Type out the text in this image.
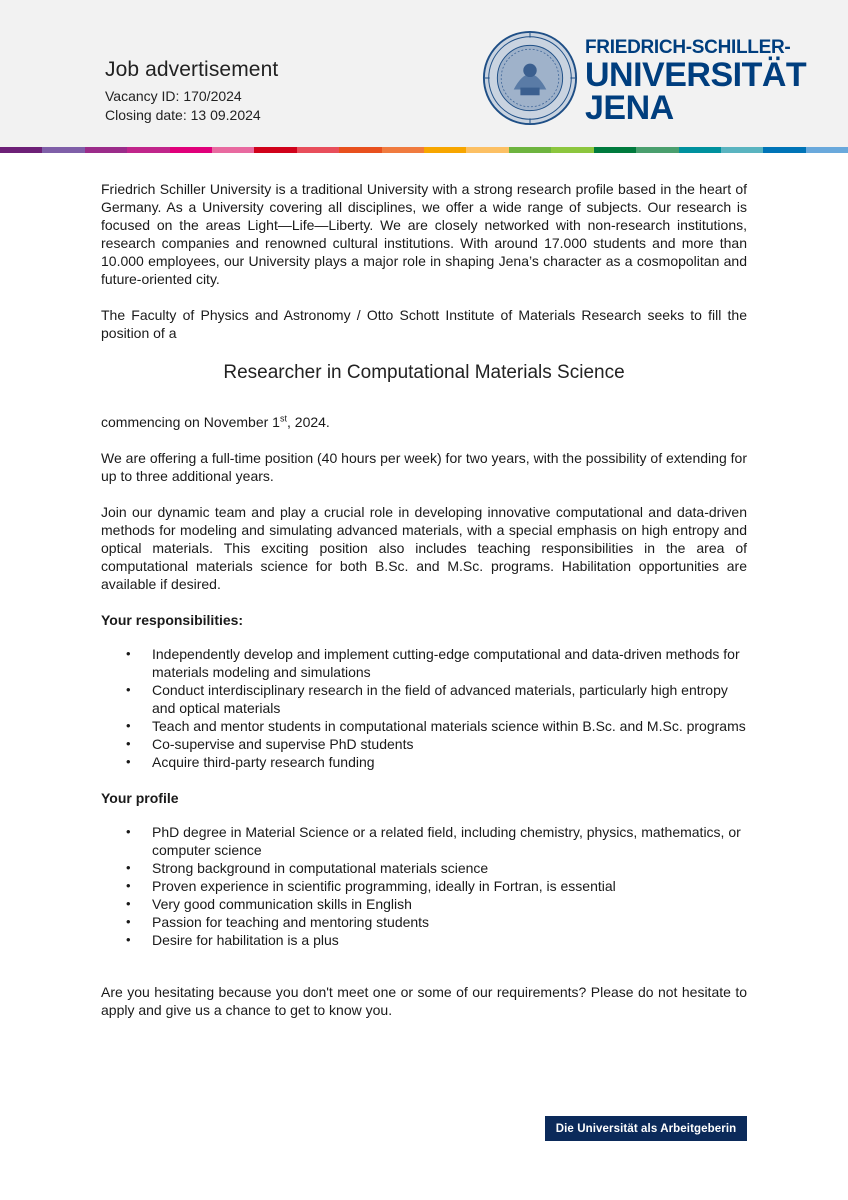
Job advertisement
Vacancy ID: 170/2024
Closing date: 13 09.2024
FRIEDRICH-SCHILLER-
UNIVERSITÄT
JENA

Friedrich Schiller University is a traditional University with a strong research profile based in the heart of Germany. As a University covering all disciplines, we offer a wide range of subjects. Our research is focused on the areas Light—Life—Liberty. We are closely networked with non-research institutions, research companies and renowned cultural institutions. With around 17.000 students and more than 10.000 employees, our University plays a major role in shaping Jena’s character as a cosmopolitan and future-oriented city.

The Faculty of Physics and Astronomy / Otto Schott Institute of Materials Research seeks to fill the position of a

Researcher in Computational Materials Science

commencing on November 1st, 2024.

We are offering a full-time position (40 hours per week) for two years, with the possibility of extending for up to three additional years.

Join our dynamic team and play a crucial role in developing innovative computational and data-driven methods for modeling and simulating advanced materials, with a special emphasis on high entropy and optical materials. This exciting position also includes teaching responsibilities in the area of computational materials science for both B.Sc. and M.Sc. programs. Habilitation opportunities are available if desired.

Your responsibilities:

• Independently develop and implement cutting-edge computational and data-driven methods for materials modeling and simulations
• Conduct interdisciplinary research in the field of advanced materials, particularly high entropy and optical materials
• Teach and mentor students in computational materials science within B.Sc. and M.Sc. programs
• Co-supervise and supervise PhD students
• Acquire third-party research funding

Your profile

• PhD degree in Material Science or a related field, including chemistry, physics, mathematics, or computer science
• Strong background in computational materials science
• Proven experience in scientific programming, ideally in Fortran, is essential
• Very good communication skills in English
• Passion for teaching and mentoring students
• Desire for habilitation is a plus

Are you hesitating because you don't meet one or some of our requirements? Please do not hesitate to apply and give us a chance to get to know you.

Die Universität als Arbeitgeberin
